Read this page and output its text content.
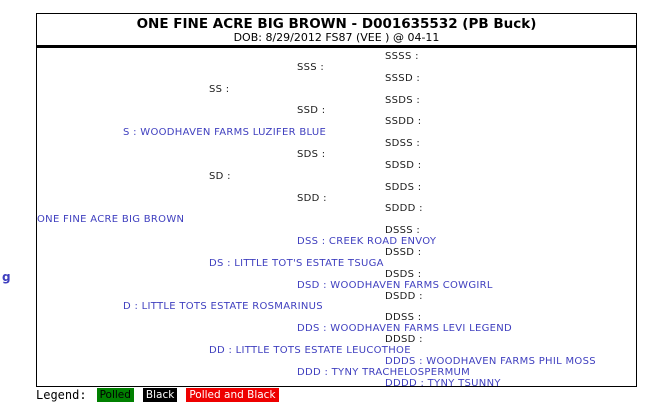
g
ONE FINE ACRE BIG BROWN - D001635532 (PB Buck)
DOB: 8/29/2012 FS87 (VEE ) @ 04-11
SSSS :
SSS :
SSSD :
SS :
SSDS :
SSD :
SSDD :
S : WOODHAVEN FARMS LUZIFER BLUE
SDSS :
SDS :
SDSD :
SD :
SDDS :
SDD :
SDDD :
ONE FINE ACRE BIG BROWN
DSSS :
DSS : CREEK ROAD ENVOY
DSSD :
DS : LITTLE TOT'S ESTATE TSUGA
DSDS :
DSD : WOODHAVEN FARMS COWGIRL
DSDD :
D : LITTLE TOTS ESTATE ROSMARINUS
DDSS :
DDS : WOODHAVEN FARMS LEVI LEGEND
DDSD :
DD : LITTLE TOTS ESTATE LEUCOTHOE
DDDS : WOODHAVEN FARMS PHIL MOSS
DDD : TYNY TRACHELOSPERMUM
DDDD : TYNY TSUNNY
Legend: Polled Black Polled and Black
